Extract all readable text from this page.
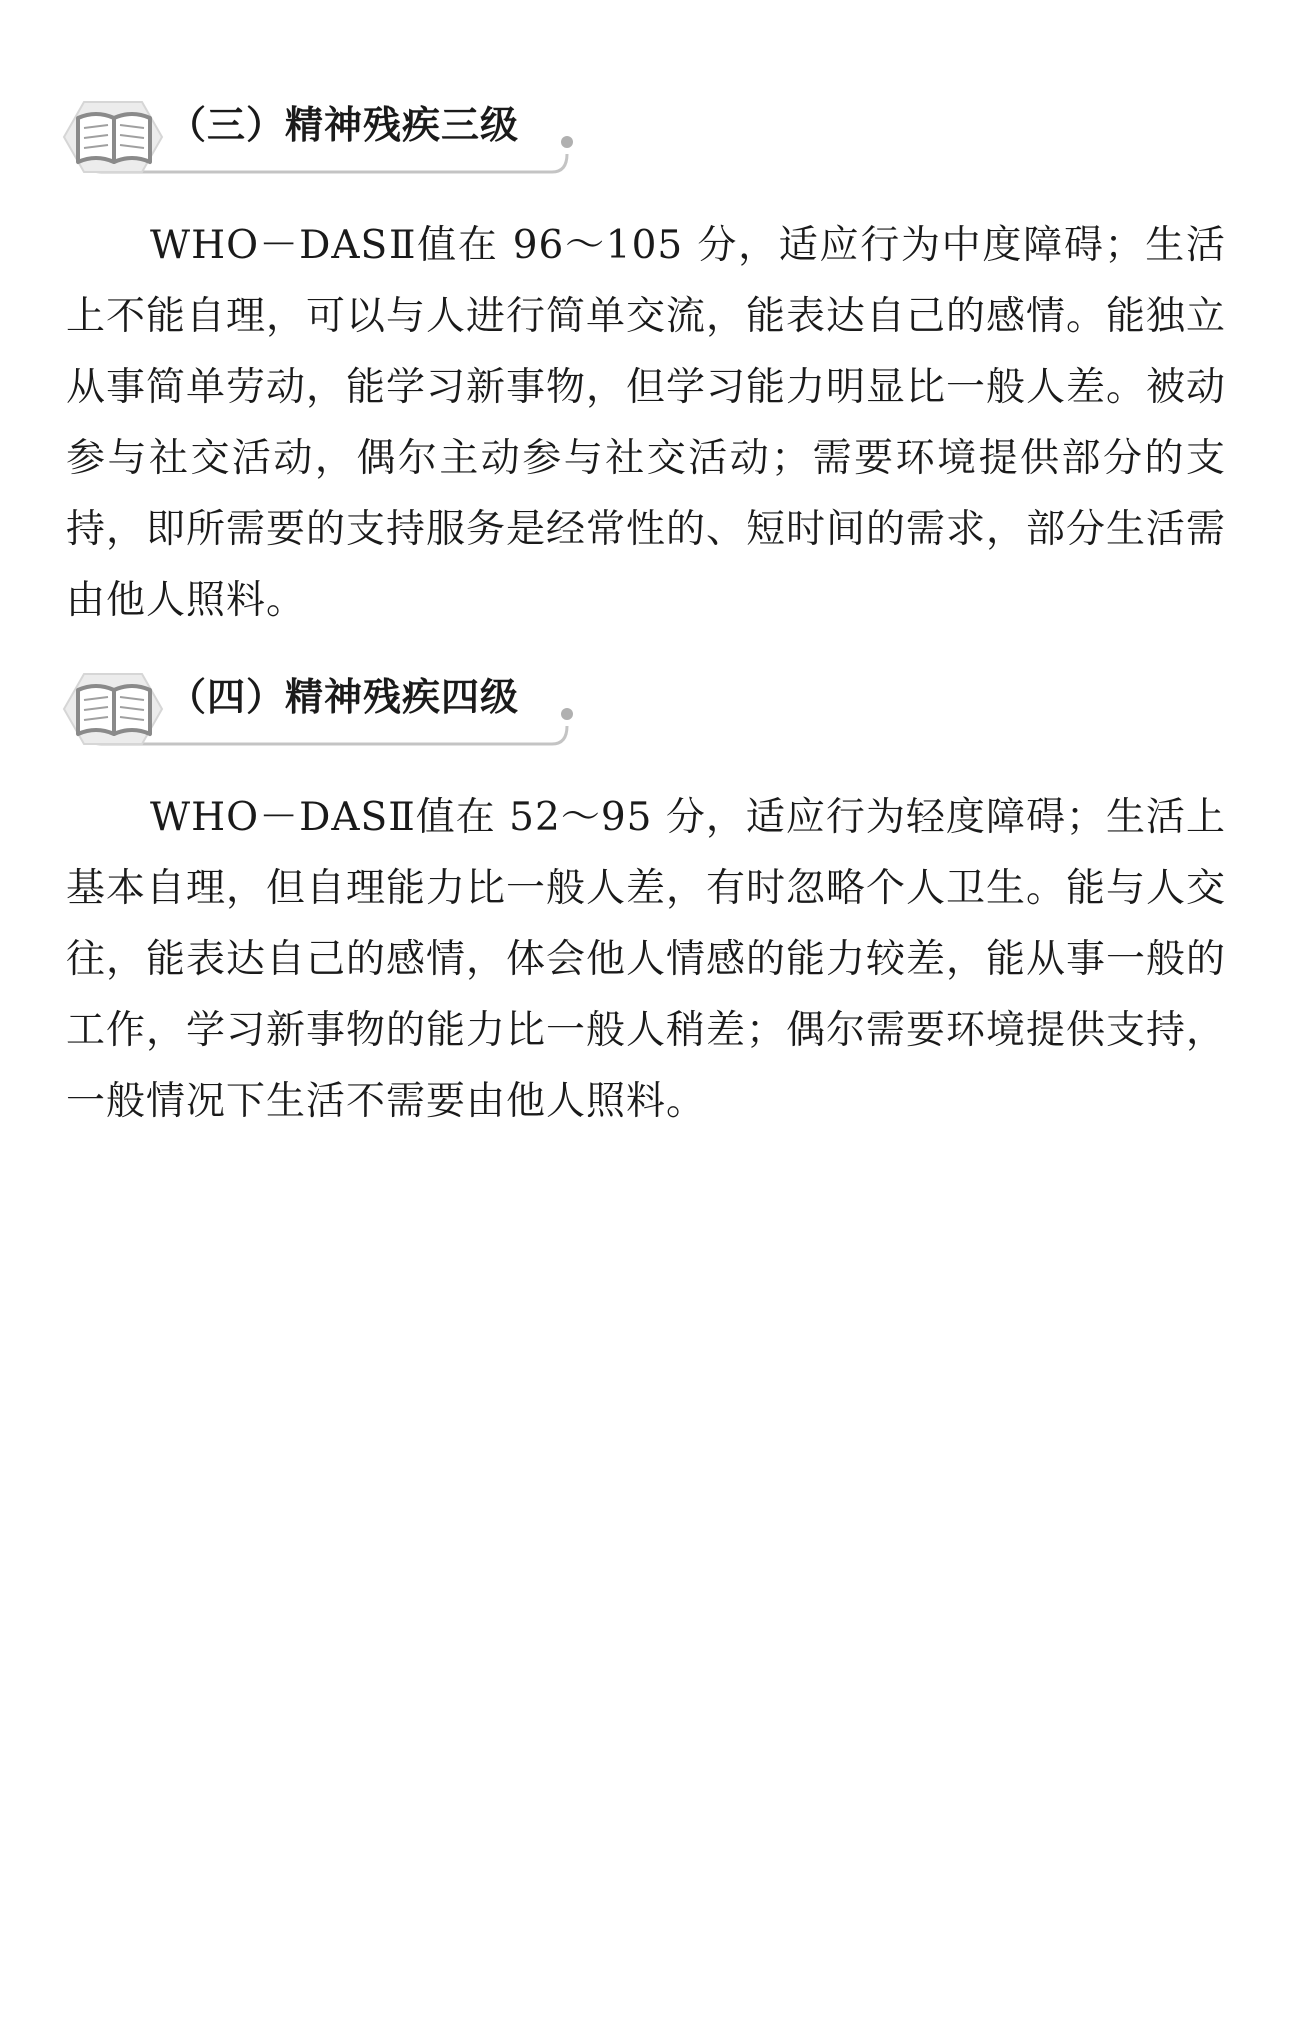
（三）精神残疾三级

WHO－DASⅡ值在 96～105 分，适应行为中度障碍；生活上不能自理，可以与人进行简单交流，能表达自己的感情。能独立从事简单劳动，能学习新事物，但学习能力明显比一般人差。被动参与社交活动，偶尔主动参与社交活动；需要环境提供部分的支持，即所需要的支持服务是经常性的、短时间的需求，部分生活需由他人照料。

（四）精神残疾四级

WHO－DASⅡ值在 52～95 分，适应行为轻度障碍；生活上基本自理，但自理能力比一般人差，有时忽略个人卫生。能与人交往，能表达自己的感情，体会他人情感的能力较差，能从事一般的工作，学习新事物的能力比一般人稍差；偶尔需要环境提供支持，一般情况下生活不需要由他人照料。
